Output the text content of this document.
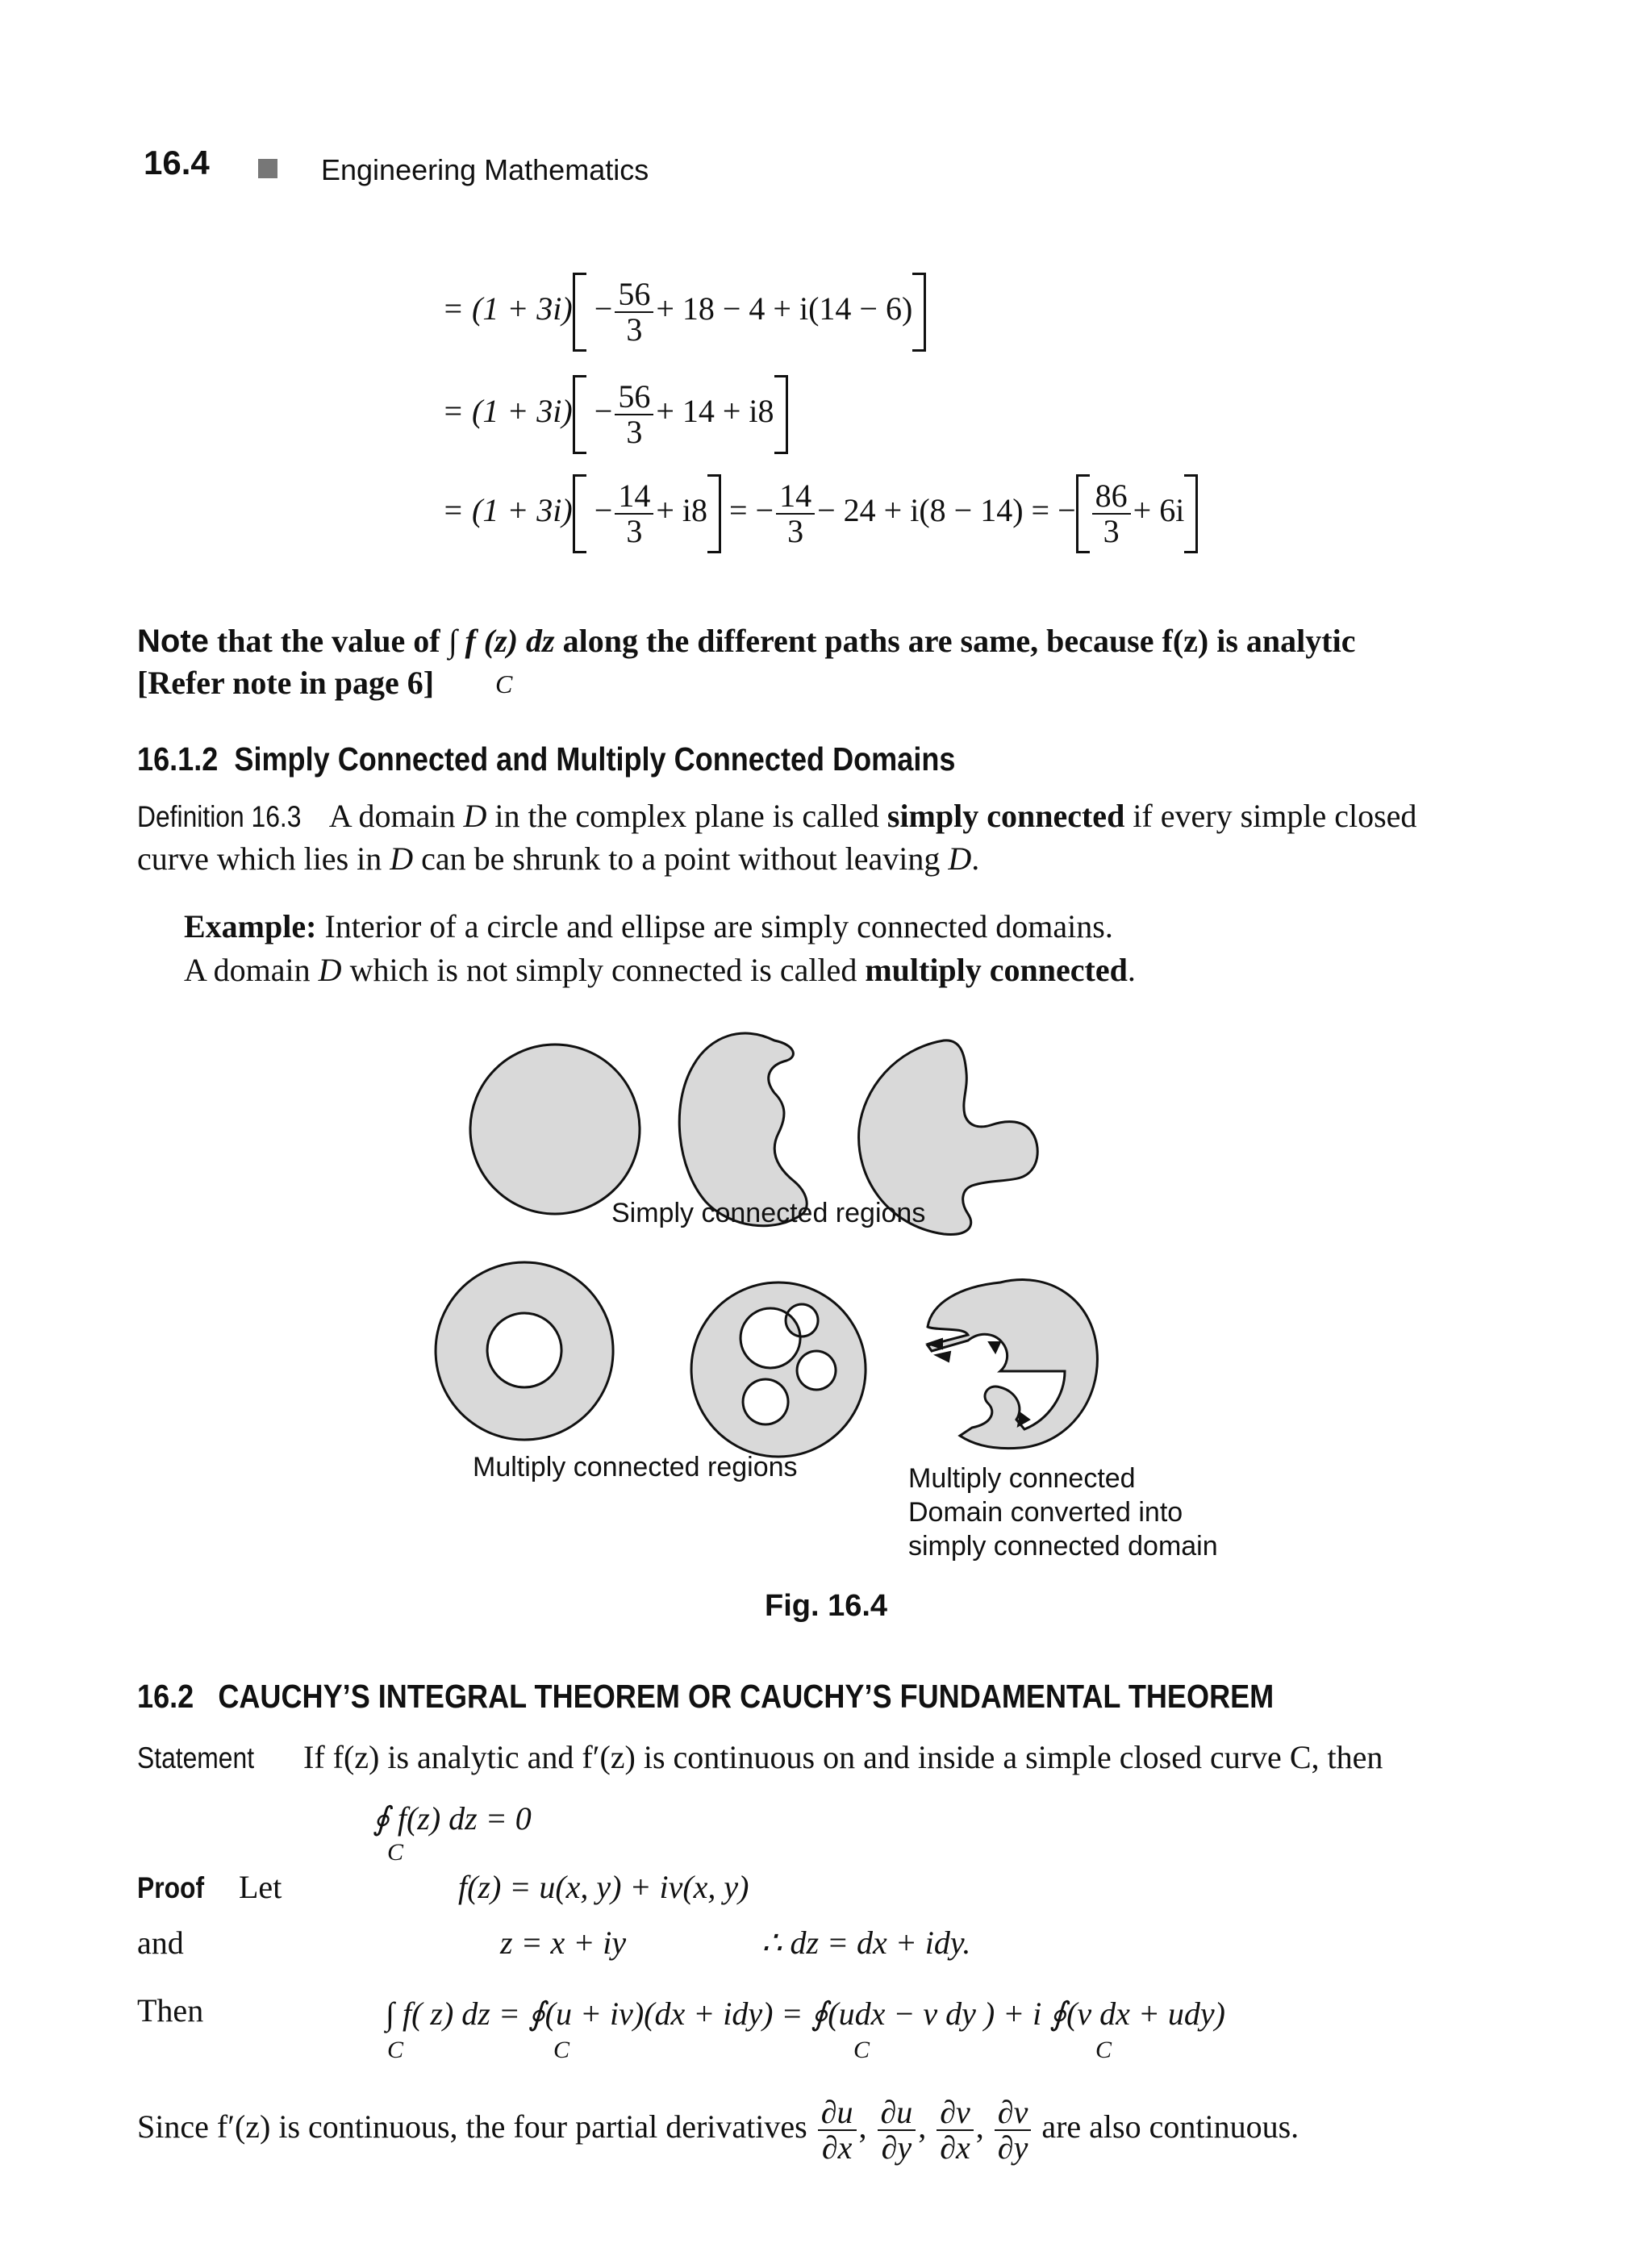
16.4	Engineering Mathematics
= $(1 + 3i) - \frac{56}{3} + 18 - 4 + i(14 - 6)$
= $(1 + 3i) - \frac{56}{3} + 14 + i8$
= $(1 + 3i) - \frac{14}{3} + i8$ = − $\frac{14}{3} - 24 + i(8 - 14)$ = − $\frac{86}{3} + 6i$
Note that the value of ∫ f (z) dz along the different paths are same, because f(z) is analytic
[Refer note in page 6] C
16.1.2 Simply Connected and Multiply Connected Domains
Definition 16.3 A domain D in the complex plane is called simply connected if every simple closed
curve which lies in D can be shrunk to a point without leaving D.
Example: Interior of a circle and ellipse are simply connected domains.
A domain D which is not simply connected is called multiply connected.
Simply connected regions
Multiply connected regions	Multiply connected
Domain converted into
simply connected domain
Fig. 16.4
16.2 CAUCHY’S INTEGRAL THEOREM OR CAUCHY’S FUNDAMENTAL THEOREM
Statement If f(z) is analytic and f′(z) is continuous on and inside a simple closed curve C, then
∮ f(z) dz = 0
C
Proof Let	f(z) = u(x, y) + iv(x, y)
and	z = x + iy	∴ dz = dx + idy.
Then	∫ f( z) dz = ∮(u + iv)(dx + idy) = ∮(udx − v dy ) + i ∮(v dx + udy)
C	C	C	C
Since f′(z) is continuous, the four partial derivatives $\frac{\partial u}{\partial x}$ , $\frac{\partial u}{\partial y}$ , $\frac{\partial v}{\partial x}$ , $\frac{\partial v}{\partial y}$ are also continuous.
